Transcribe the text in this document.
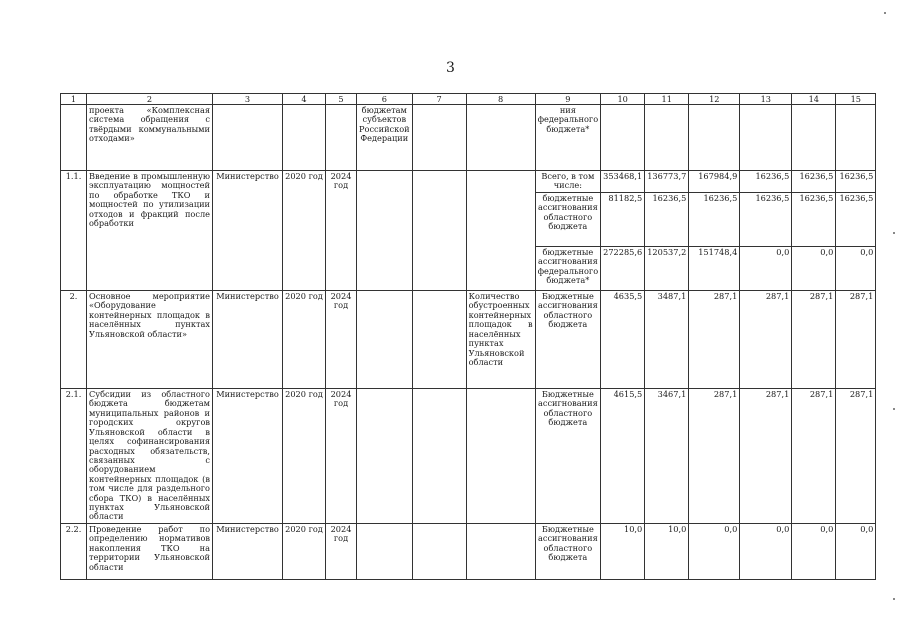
3
1	2	3	4	5	6	7	8	9	10	11	12	13	14	15
	проекта «Комплексная система обращения с твёрдыми коммунальными отходами»				бюджетам субъектов Российской Федерации			ния федерального бюджета*						
1.1.	Введение в промышленную эксплуатацию мощностей по обработке ТКО и мощностей по утилизации отходов и фракций после обработки	Министерство	2020 год	2024 год				Всего, в том числе:	353468,1	136773,7	167984,9	16236,5	16236,5	16236,5
								бюджетные ассигнования областного бюджета	81182,5	16236,5	16236,5	16236,5	16236,5	16236,5
								бюджетные ассигнования федерального бюджета*	272285,6	120537,2	151748,4	0,0	0,0	0,0
2.	Основное мероприятие «Оборудование контейнерных площадок в населённых пунктах Ульяновской области»	Министерство	2020 год	2024 год			Количество обустроенных контейнерных площадок в населённых пунктах Ульяновской области	Бюджетные ассигнования областного бюджета	4635,5	3487,1	287,1	287,1	287,1	287,1
2.1.	Субсидии из областного бюджета бюджетам муниципальных районов и городских округов Ульяновской области в целях софинансирования расходных обязательств, связанных с оборудованием контейнерных площадок (в том числе для раздельного сбора ТКО) в населённых пунктах Ульяновской области	Министерство	2020 год	2024 год				Бюджетные ассигнования областного бюджета	4615,5	3467,1	287,1	287,1	287,1	287,1
2.2.	Проведение работ по определению нормативов накопления ТКО на территории Ульяновской области	Министерство	2020 год	2024 год				Бюджетные ассигнования областного бюджета	10,0	10,0	0,0	0,0	0,0	0,0
